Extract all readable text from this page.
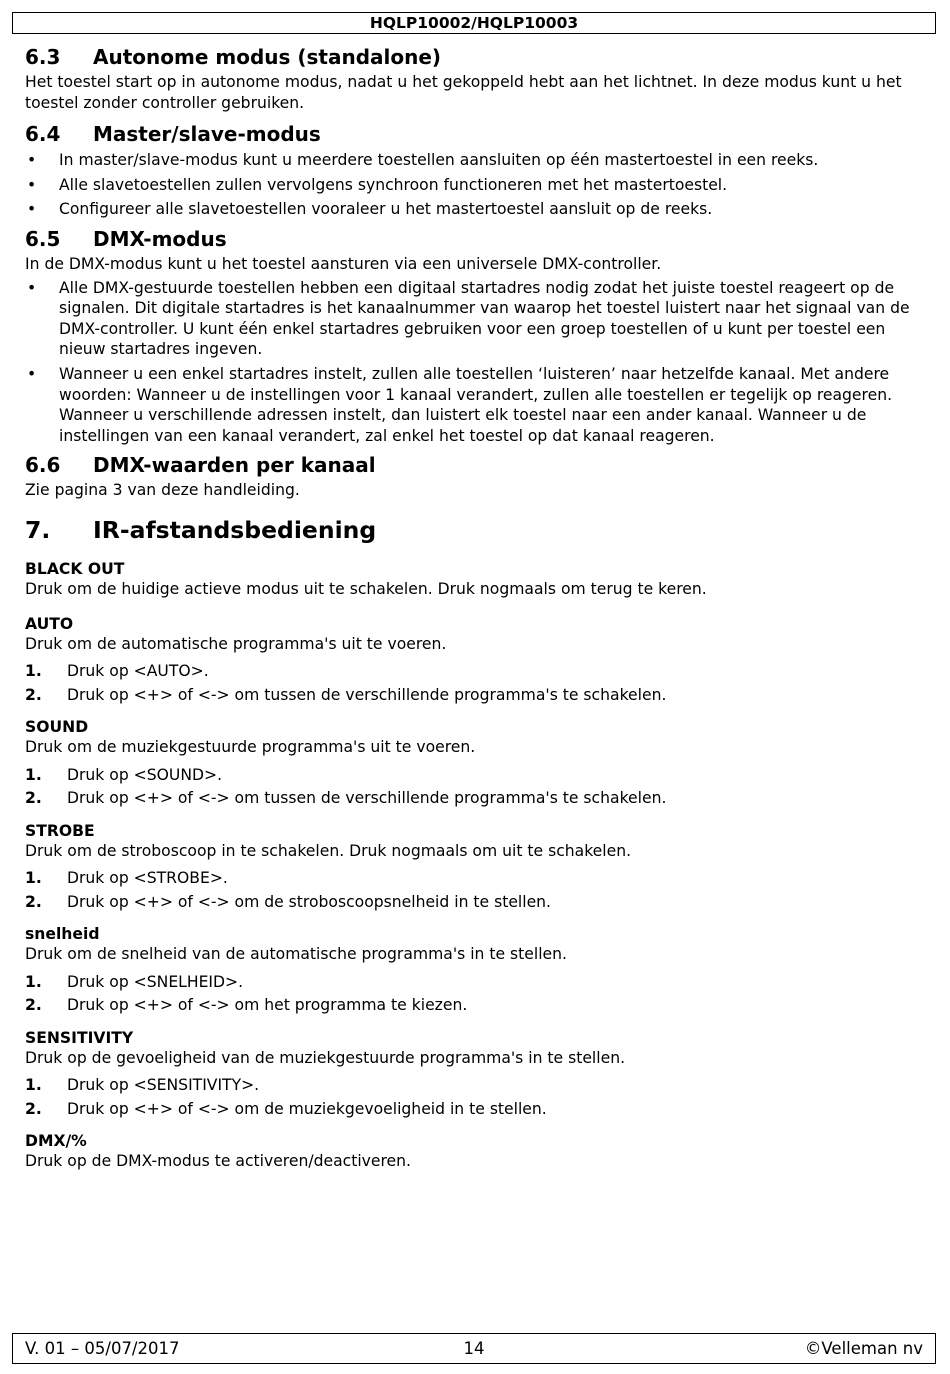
HQLP10002/HQLP10003
6.3 Autonome modus (standalone)

Het toestel start op in autonome modus, nadat u het gekoppeld hebt aan het lichtnet. In deze modus kunt u het toestel zonder controller gebruiken.

6.4 Master/slave-modus
• In master/slave-modus kunt u meerdere toestellen aansluiten op één mastertoestel in een reeks.
• Alle slavetoestellen zullen vervolgens synchroon functioneren met het mastertoestel.
• Configureer alle slavetoestellen vooraleer u het mastertoestel aansluit op de reeks.
6.5 DMX-modus

In de DMX-modus kunt u het toestel aansturen via een universele DMX-controller.

• Alle DMX-gestuurde toestellen hebben een digitaal startadres nodig zodat het juiste toestel reageert op de signalen. Dit digitale startadres is het kanaalnummer van waarop het toestel luistert naar het signaal van de DMX-controller. U kunt één enkel startadres gebruiken voor een groep toestellen of u kunt per toestel een nieuw startadres ingeven.
• Wanneer u een enkel startadres instelt, zullen alle toestellen ‘luisteren’ naar hetzelfde kanaal. Met andere woorden: Wanneer u de instellingen voor 1 kanaal verandert, zullen alle toestellen er tegelijk op reageren. Wanneer u verschillende adressen instelt, dan luistert elk toestel naar een ander kanaal. Wanneer u de instellingen van een kanaal verandert, zal enkel het toestel op dat kanaal reageren.
6.6 DMX-waarden per kanaal

Zie pagina 3 van deze handleiding.

7. IR-afstandsbediening
BLACK OUT

Druk om de huidige actieve modus uit te schakelen. Druk nogmaals om terug te keren.

AUTO

Druk om de automatische programma's uit te voeren.

1. Druk op <AUTO>.
2. Druk op <+> of <-> om tussen de verschillende programma's te schakelen.
SOUND

Druk om de muziekgestuurde programma's uit te voeren.

1. Druk op <SOUND>.
2. Druk op <+> of <-> om tussen de verschillende programma's te schakelen.
STROBE

Druk om de stroboscoop in te schakelen. Druk nogmaals om uit te schakelen.

1. Druk op <STROBE>.
2. Druk op <+> of <-> om de stroboscoopsnelheid in te stellen.
snelheid

Druk om de snelheid van de automatische programma's in te stellen.

1. Druk op <SNELHEID>.
2. Druk op <+> of <-> om het programma te kiezen.
SENSITIVITY

Druk op de gevoeligheid van de muziekgestuurde programma's in te stellen.

1. Druk op <SENSITIVITY>.
2. Druk op <+> of <-> om de muziekgevoeligheid in te stellen.
DMX/%

Druk op de DMX-modus te activeren/deactiveren.

V. 01 – 05/07/2017	14	©Velleman nv
